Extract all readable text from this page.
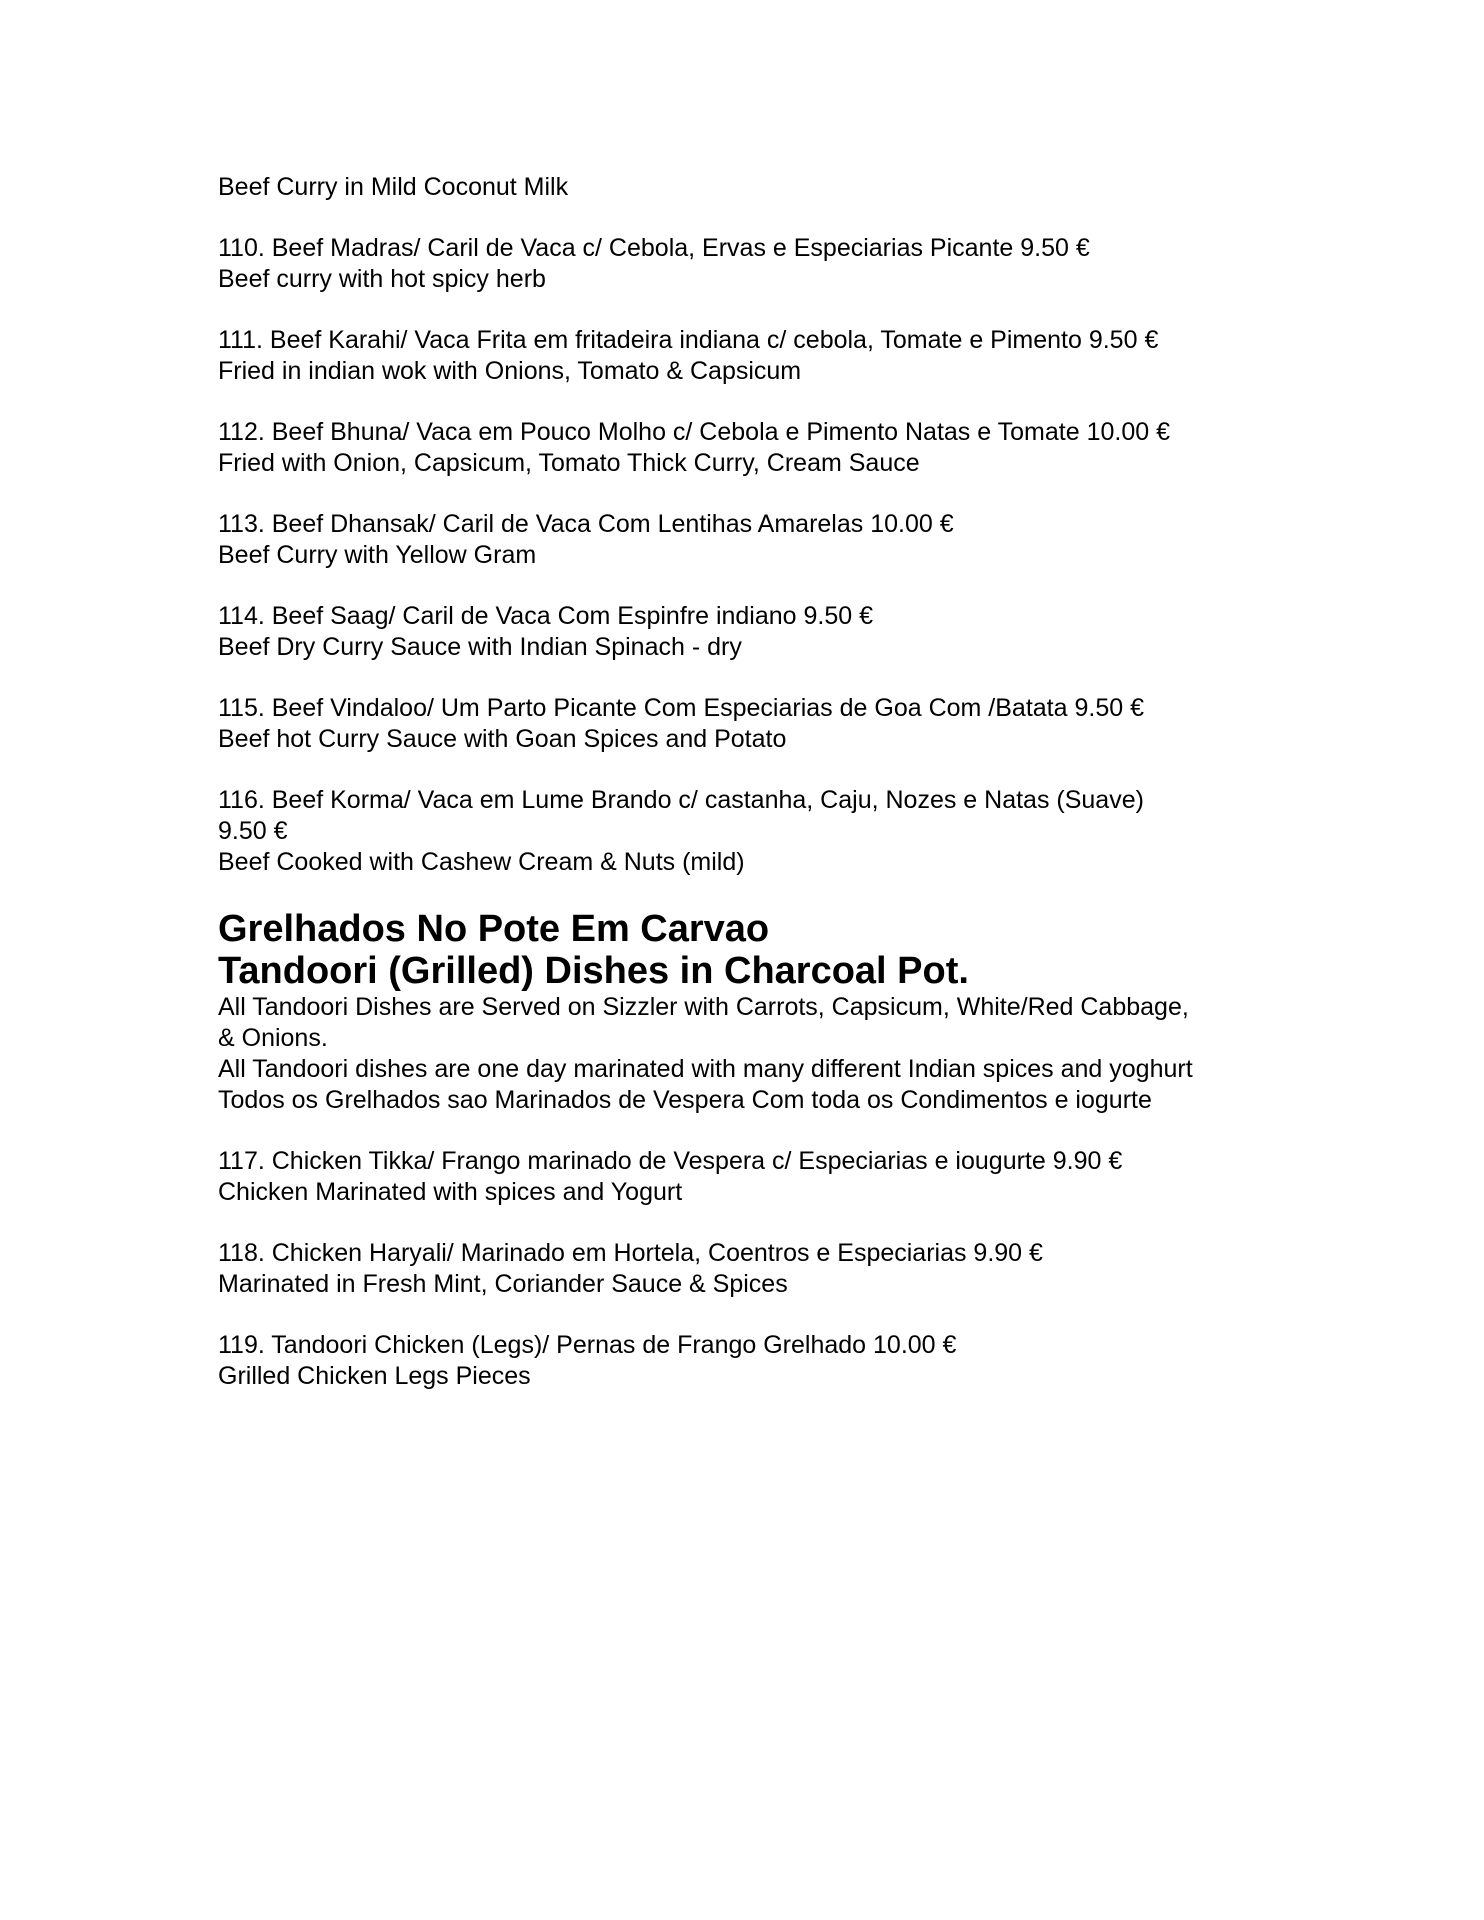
Beef Curry in Mild Coconut Milk

110. Beef Madras/ Caril de Vaca c/ Cebola, Ervas e Especiarias Picante 9.50 €

Beef curry with hot spicy herb

111. Beef Karahi/ Vaca Frita em fritadeira indiana c/ cebola, Tomate e Pimento 9.50 €

Fried in indian wok with Onions, Tomato & Capsicum

112. Beef Bhuna/ Vaca em Pouco Molho c/ Cebola e Pimento Natas e Tomate 10.00 €

Fried with Onion, Capsicum, Tomato Thick Curry, Cream Sauce

113. Beef Dhansak/ Caril de Vaca Com Lentihas Amarelas 10.00 €

Beef Curry with Yellow Gram

114. Beef Saag/ Caril de Vaca Com Espinfre indiano 9.50 €

Beef Dry Curry Sauce with Indian Spinach - dry

115. Beef Vindaloo/ Um Parto Picante Com Especiarias de Goa Com /Batata 9.50 €

Beef hot Curry Sauce with Goan Spices and Potato

116. Beef Korma/ Vaca em Lume Brando c/ castanha, Caju, Nozes e Natas (Suave)

9.50 €

Beef Cooked with Cashew Cream & Nuts (mild)

Grelhados No Pote Em Carvao
Tandoori (Grilled) Dishes in Charcoal Pot.

All Tandoori Dishes are Served on Sizzler with Carrots, Capsicum, White/Red Cabbage,

& Onions.

All Tandoori dishes are one day marinated with many different Indian spices and yoghurt

Todos os Grelhados sao Marinados de Vespera Com toda os Condimentos e iogurte

117. Chicken Tikka/ Frango marinado de Vespera c/ Especiarias e iougurte 9.90 €

Chicken Marinated with spices and Yogurt

118. Chicken Haryali/ Marinado em Hortela, Coentros e Especiarias 9.90 €

Marinated in Fresh Mint, Coriander Sauce & Spices

119. Tandoori Chicken (Legs)/ Pernas de Frango Grelhado 10.00 €

Grilled Chicken Legs Pieces
